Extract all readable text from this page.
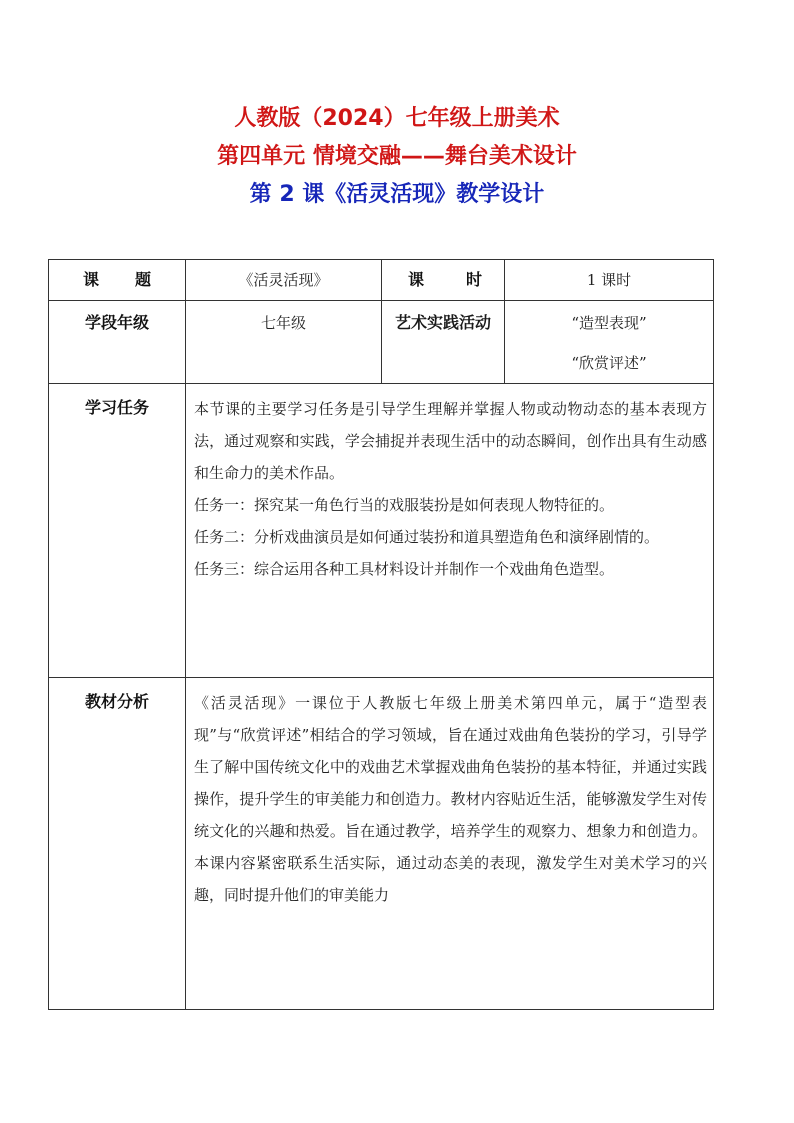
人教版（2024）七年级上册美术
第四单元 情境交融——舞台美术设计
第 2 课《活灵活现》教学设计
课 题	《活灵活现》	课 时	1 课时

学段年级	七年级	艺术实践活动	“造型表现”
“欣赏评述”

学习任务	本节课的主要学习任务是引导学生理解并掌握人物或动物动态的基本表现方法，通过观察和实践，学会捕捉并表现生活中的动态瞬间，创作出具有生动感和生命力的美术作品。

任务一：探究某一角色行当的戏服装扮是如何表现人物特征的。

任务二：分析戏曲演员是如何通过装扮和道具塑造角色和演绎剧情的。

任务三：综合运用各种工具材料设计并制作一个戏曲角色造型。		

教材分析	《活灵活现》一课位于人教版七年级上册美术第四单元，属于“造型表现”与“欣赏评述”相结合的学习领域，旨在通过戏曲角色装扮的学习，引导学生了解中国传统文化中的戏曲艺术掌握戏曲角色装扮的基本特征，并通过实践操作，提升学生的审美能力和创造力。教材内容贴近生活，能够激发学生对传统文化的兴趣和热爱。旨在通过教学，培养学生的观察力、想象力和创造力。本课内容紧密联系生活实际，通过动态美的表现，激发学生对美术学习的兴趣，同时提升他们的审美能力		
